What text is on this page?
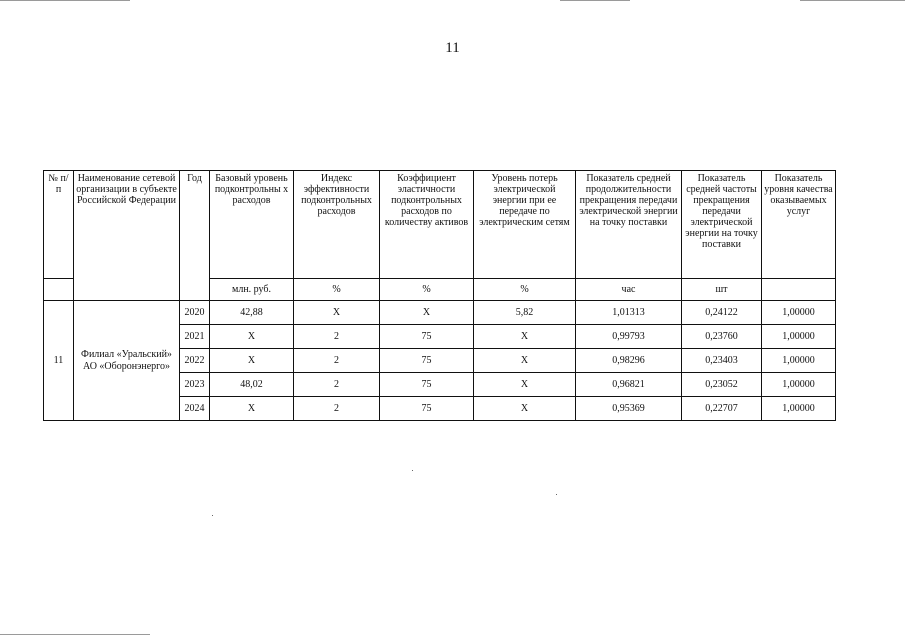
11
№ п/п	Наименование сетевой организации в субъекте Российской Федерации	Год	Базовый уровень подконтрольны х расходов	Индекс эффективности подконтрольных расходов	Коэффициент эластичности подконтрольных расходов по количеству активов	Уровень потерь электрической энергии при ее передаче по электрическим сетям	Показатель средней продолжительности прекращения передачи электрической энергии на точку поставки	Показатель средней частоты прекращения передачи электрической энергии на точку поставки	Показатель уровня качества оказываемых услуг
			млн. руб.	%	%	%	час	шт	
11	Филиал «Уральский» АО «Оборонэнерго»	2020	42,88	X	X	5,82	1,01313	0,24122	1,00000
		2021	X	2	75	X	0,99793	0,23760	1,00000
		2022	X	2	75	X	0,98296	0,23403	1,00000
		2023	48,02	2	75	X	0,96821	0,23052	1,00000
		2024	X	2	75	X	0,95369	0,22707	1,00000
